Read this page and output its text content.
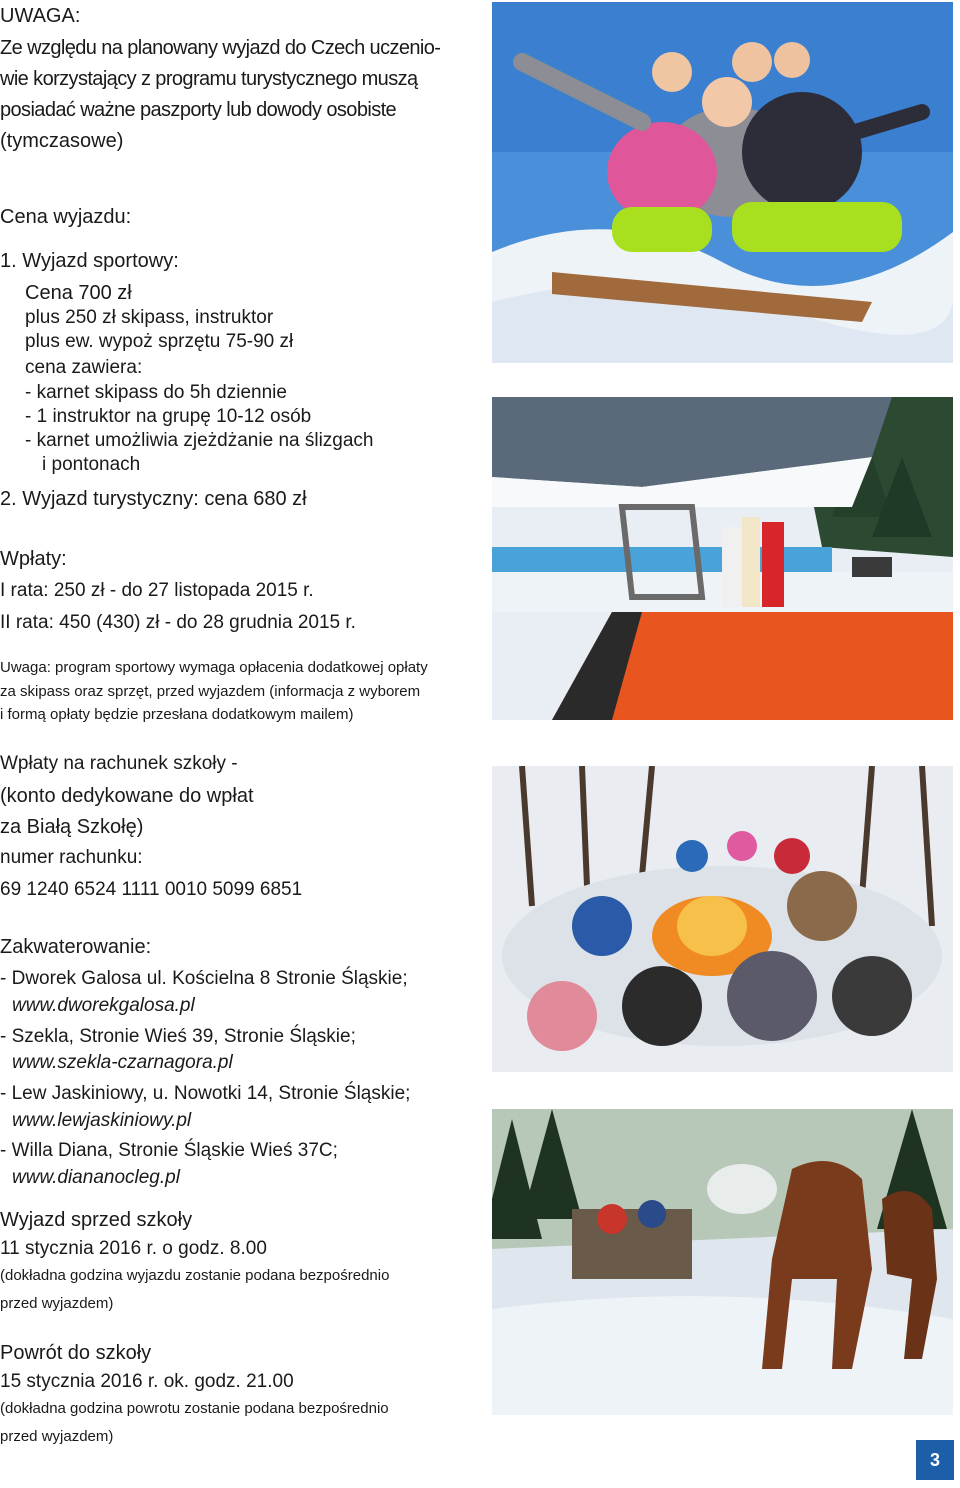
UWAGA:
Ze względu na planowany wyjazd do Czech uczenio-
wie korzystający z programu turystycznego muszą
posiadać ważne paszporty lub dowody osobiste
(tymczasowe)
Cena wyjazdu:
1. Wyjazd sportowy:
Cena 700 zł
plus 250 zł skipass, instruktor
plus ew. wypoż sprzętu 75-90 zł
cena zawiera:
- karnet skipass do 5h dziennie
- 1 instruktor na grupę 10-12 osób
- karnet umożliwia zjeżdżanie na ślizgach
i pontonach
2. Wyjazd turystyczny: cena 680 zł
Wpłaty:
I rata: 250 zł - do 27 listopada 2015 r.
II rata: 450 (430) zł - do 28 grudnia 2015 r.
Uwaga: program sportowy wymaga opłacenia dodatkowej opłaty
za skipass oraz sprzęt, przed wyjazdem (informacja z wyborem
i formą opłaty będzie przesłana dodatkowym mailem)
Wpłaty na rachunek szkoły -
(konto dedykowane do wpłat
za Białą Szkołę)
numer rachunku:
69 1240 6524 1111 0010 5099 6851
Zakwaterowanie:
- Dworek Galosa ul. Kościelna 8 Stronie Śląskie;
www.dworekgalosa.pl
- Szekla, Stronie Wieś 39, Stronie Śląskie;
www.szekla-czarnagora.pl
- Lew Jaskiniowy, u. Nowotki 14, Stronie Śląskie;
www.lewjaskiniowy.pl
- Willa Diana, Stronie Śląskie Wieś 37C;
www.diananocleg.pl
Wyjazd sprzed szkoły
11 stycznia 2016 r. o godz. 8.00
(dokładna godzina wyjazdu zostanie podana bezpośrednio
przed wyjazdem)
Powrót do szkoły
15 stycznia 2016 r. ok. godz. 21.00
(dokładna godzina powrotu zostanie podana bezpośrednio
przed wyjazdem)
3
